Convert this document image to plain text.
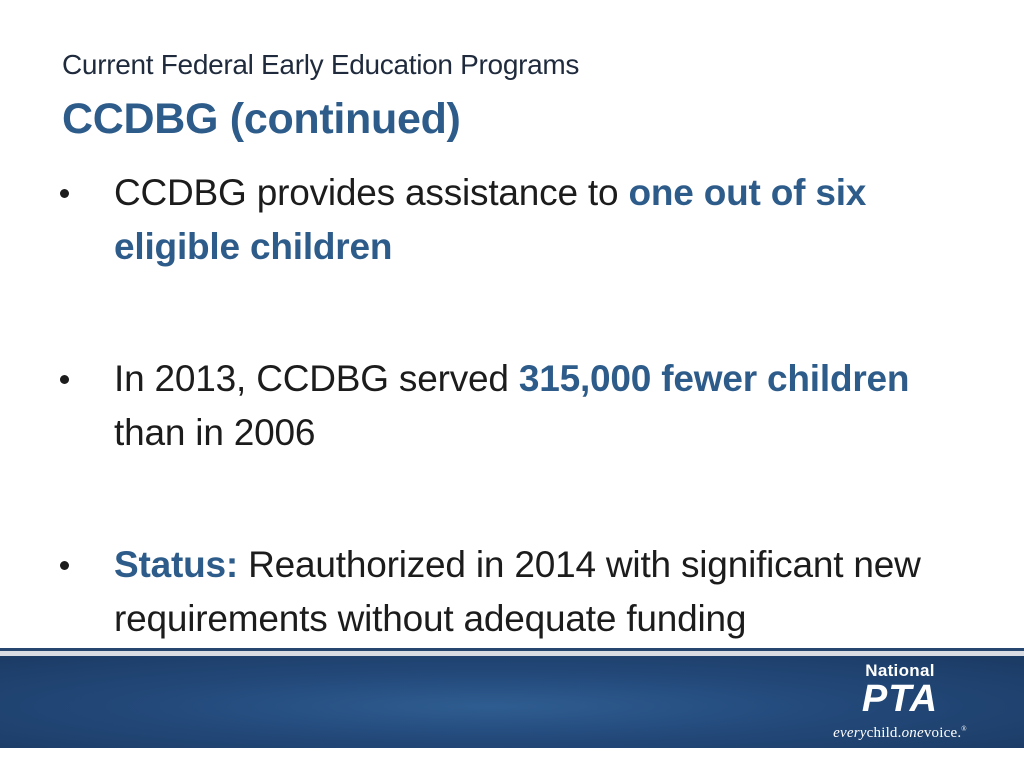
Current Federal Early Education Programs
CCDBG (continued)
CCDBG provides assistance to one out of six eligible children
In 2013, CCDBG served 315,000 fewer children than in 2006
Status: Reauthorized in 2014 with significant new requirements without adequate funding
National
PTA
everychild.onevoice.®
